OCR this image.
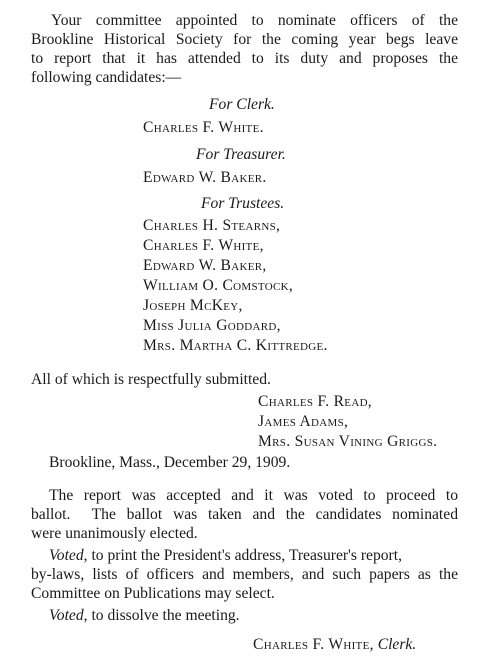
Your committee appointed to nominate officers of the
Brookline Historical Society for the coming year begs leave
to report that it has attended to its duty and proposes the
following candidates:—
For Clerk.
Charles F. White.
For Treasurer.
Edward W. Baker.
For Trustees.
Charles H. Stearns,
Charles F. White,
Edward W. Baker,
William O. Comstock,
Joseph McKey,
Miss Julia Goddard,
Mrs. Martha C. Kittredge.
All of which is respectfully submitted.
Charles F. Read,
James Adams,
Mrs. Susan Vining Griggs.
Brookline, Mass., December 29, 1909.
The report was accepted and it was voted to proceed to
ballot.  The ballot was taken and the candidates nominated
were unanimously elected.
Voted, to print the President's address, Treasurer's report,
by-laws, lists of officers and members, and such papers as the
Committee on Publications may select.
Voted, to dissolve the meeting.
Charles F. White, Clerk.
